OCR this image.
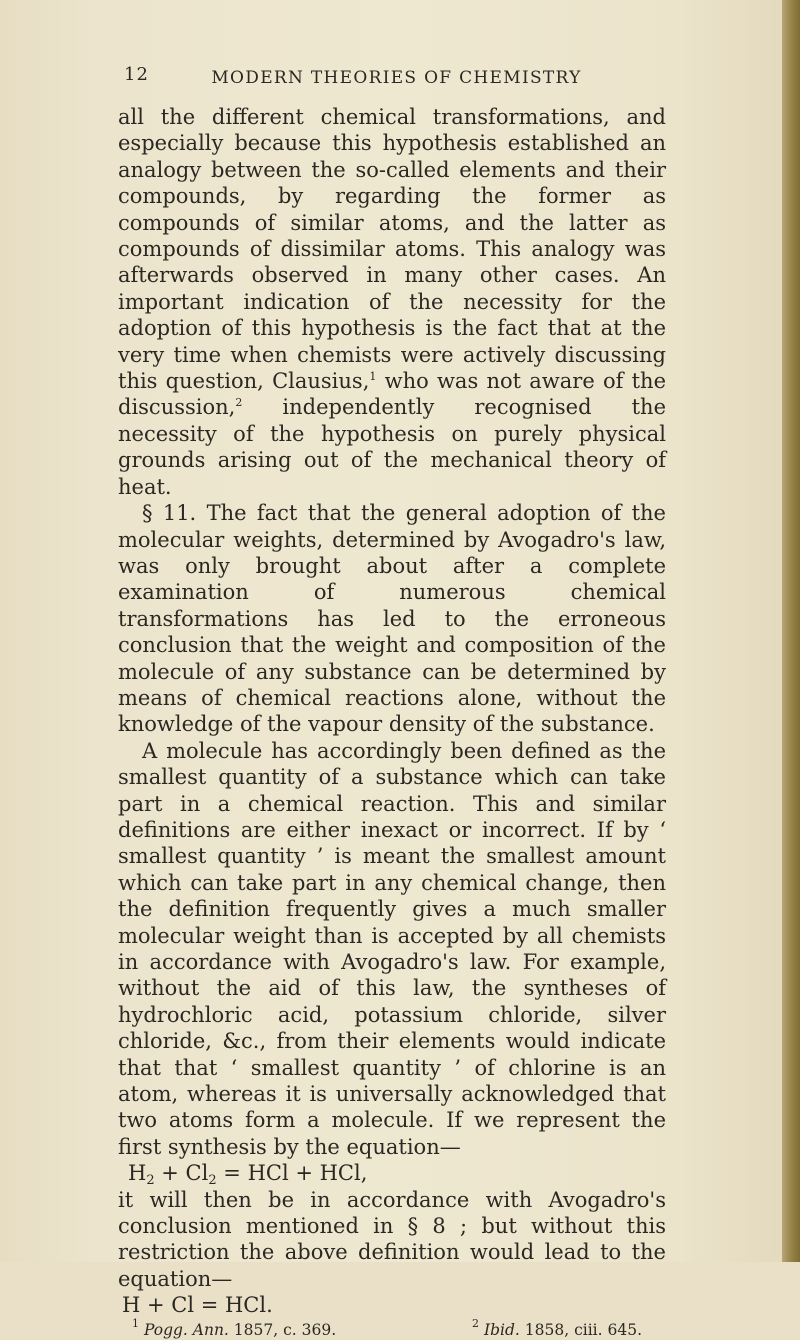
12	MODERN THEORIES OF CHEMISTRY

all the different chemical transformations, and especially because this hypothesis established an analogy between the so-called elements and their compounds, by regarding the former as compounds of similar atoms, and the latter as compounds of dissimilar atoms. This analogy was afterwards observed in many other cases. An important indication of the necessity for the adoption of this hypothesis is the fact that at the very time when chemists were actively discussing this question, Clausius,$^1$ who was not aware of the discussion,$^2$ independently recognised the necessity of the hypothesis on purely physical grounds arising out of the mechanical theory of heat.

§ 11. The fact that the general adoption of the molecular weights, determined by Avogadro's law, was only brought about after a complete examination of numerous chemical transformations has led to the erroneous conclusion that the weight and composition of the molecule of any substance can be determined by means of chemical reactions alone, without the knowledge of the vapour density of the substance.

A molecule has accordingly been defined as the smallest quantity of a substance which can take part in a chemical reaction. This and similar definitions are either inexact or incorrect. If by ‘ smallest quantity ’ is meant the smallest amount which can take part in any chemical change, then the definition frequently gives a much smaller molecular weight than is accepted by all chemists in accordance with Avogadro's law. For example, without the aid of this law, the syntheses of hydrochloric acid, potassium chloride, silver chloride, &c., from their elements would indicate that that ‘ smallest quantity ’ of chlorine is an atom, whereas it is universally acknowledged that two atoms form a molecule. If we represent the first synthesis by the equation—

$H_2 + Cl_2$ = HCl + HCl,

it will then be in accordance with Avogadro's conclusion mentioned in § 8 ; but without this restriction the above definition would lead to the equation—

H + Cl = HCl.

$^1$ Pogg. Ann. 1857, c. 369.	$^2$ Ibid. 1858, ciii. 645.
